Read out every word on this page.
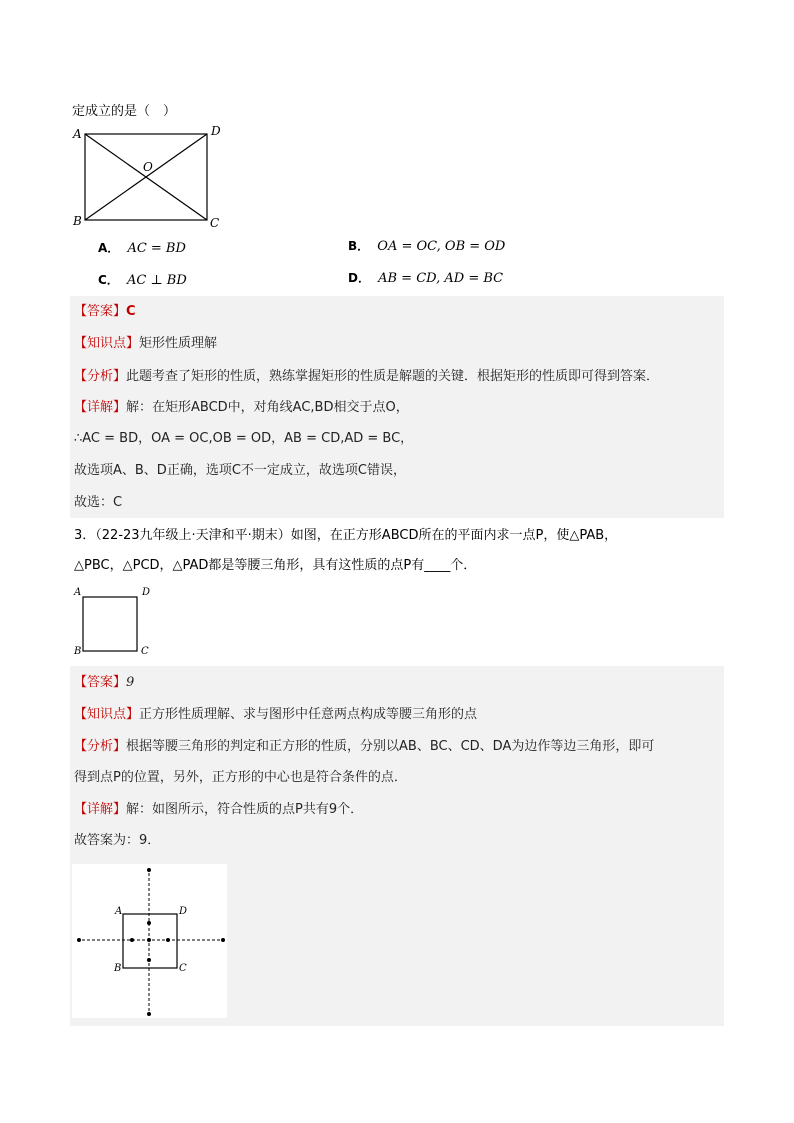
定成立的是（　）
A	D
O
B	C
A． AC = BD	B． OA = OC, OB = OD
C． AC ⊥ BD	D． AB = CD, AD = BC
【答案】C
【知识点】矩形性质理解
【分析】此题考查了矩形的性质，熟练掌握矩形的性质是解题的关键．根据矩形的性质即可得到答案．
【详解】解：在矩形ABCD中，对角线AC,BD相交于点O，
∴AC = BD，OA = OC,OB = OD，AB = CD,AD = BC，
故选项A、B、D正确，选项C不一定成立，故选项C错误，
故选：C
3．（22-23九年级上·天津和平·期末）如图，在正方形ABCD所在的平面内求一点P，使△PAB，
△PBC，△PCD，△PAD都是等腰三角形，具有这性质的点P有____个．
A	D
B	C
【答案】9
【知识点】正方形性质理解、求与图形中任意两点构成等腰三角形的点
【分析】根据等腰三角形的判定和正方形的性质，分别以AB、BC、CD、DA为边作等边三角形，即可
得到点P的位置，另外，正方形的中心也是符合条件的点．
【详解】解：如图所示，符合性质的点P共有9个．
故答案为：9．
A	D
B	C
